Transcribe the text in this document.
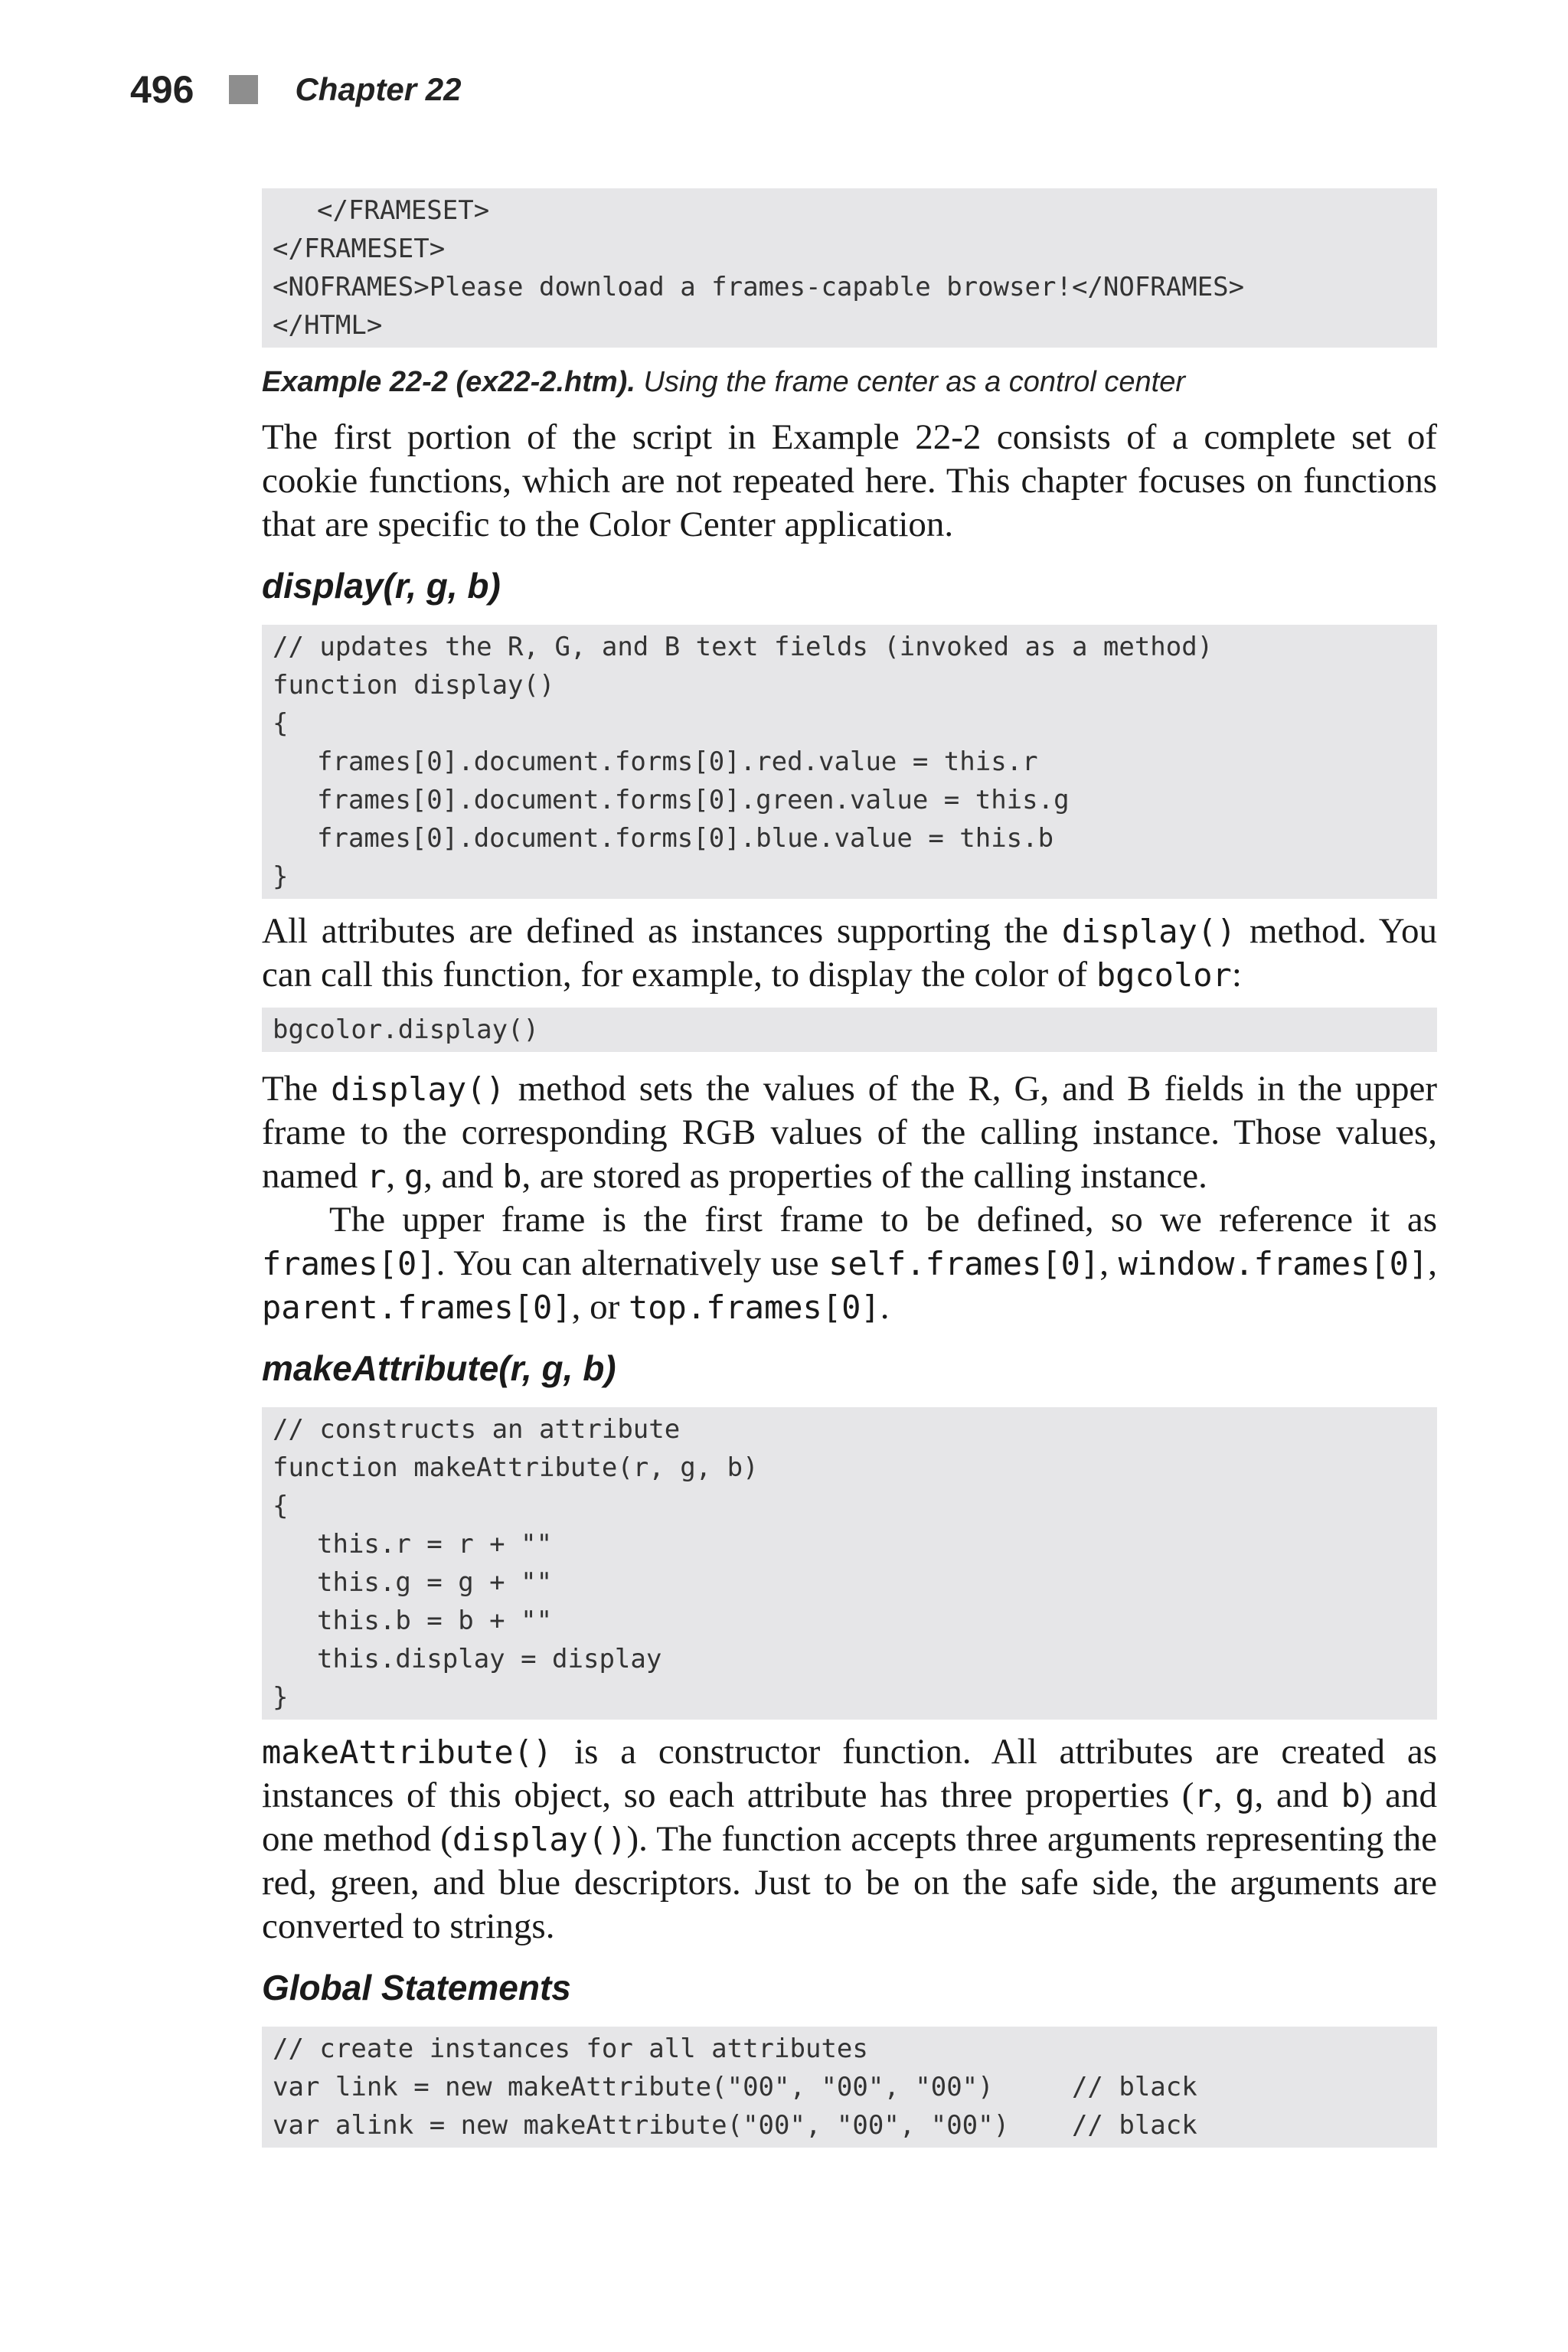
496	Chapter 22
</FRAMESET>
</FRAMESET>
<NOFRAMES>Please download a frames-capable browser!</NOFRAMES>
</HTML>
Example 22-2 (ex22-2.htm). Using the frame center as a control center

The first portion of the script in Example 22-2 consists of a complete set of cookie functions, which are not repeated here. This chapter focuses on functions that are specific to the Color Center application.

display(r, g, b)
// updates the R, G, and B text fields (invoked as a method)
function display()
{
frames[0].document.forms[0].red.value = this.r
frames[0].document.forms[0].green.value = this.g
frames[0].document.forms[0].blue.value = this.b
}

All attributes are defined as instances supporting the display() method. You can call this function, for example, to display the color of bgcolor:

bgcolor.display()

The display() method sets the values of the R, G, and B fields in the upper frame to the corresponding RGB values of the calling instance. Those values, named r, g, and b, are stored as properties of the calling instance.

The upper frame is the first frame to be defined, so we reference it as frames[0]. You can alternatively use self.frames[0], window.frames[0], parent.frames[0], or top.frames[0].

makeAttribute(r, g, b)
// constructs an attribute
function makeAttribute(r, g, b)
{
this.r = r + ""
this.g = g + ""
this.b = b + ""
this.display = display
}

makeAttribute() is a constructor function. All attributes are created as instances of this object, so each attribute has three properties (r, g, and b) and one method (display()). The function accepts three arguments representing the red, green, and blue descriptors. Just to be on the safe side, the arguments are converted to strings.

Global Statements
// create instances for all attributes
var link = new makeAttribute("00", "00", "00")     // black
var alink = new makeAttribute("00", "00", "00")    // black
